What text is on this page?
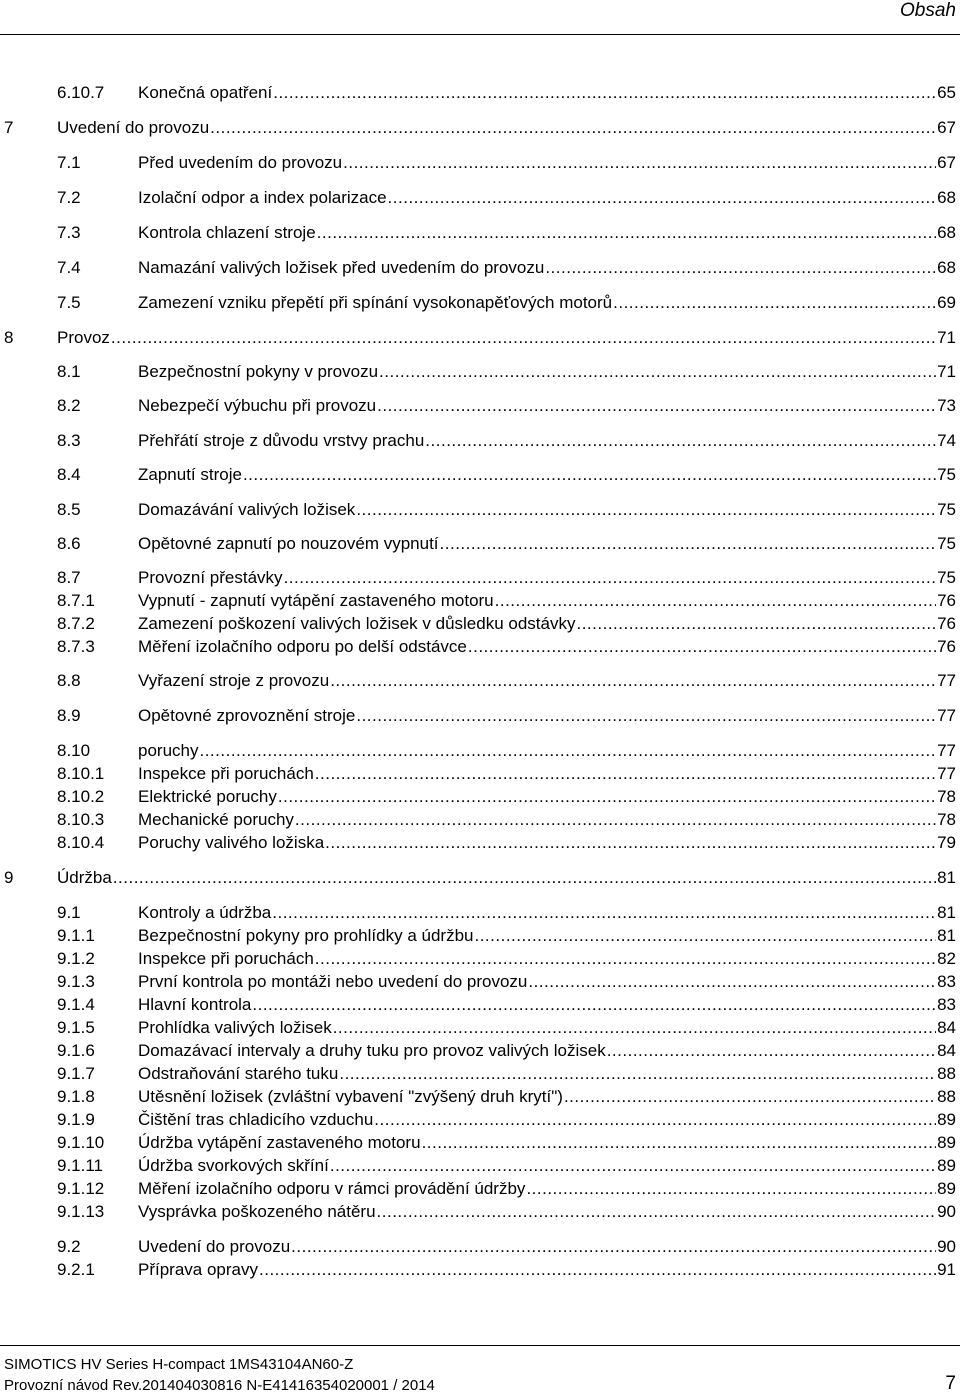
Obsah
6.10.7 Konečná opatření .....	65
7	Uvedení do provozu .....	67
7.1	Před uvedením do provozu .....	67
7.2	Izolační odpor a index polarizace .....	68
7.3	Kontrola chlazení stroje .....	68
7.4	Namazání valivých ložisek před uvedením do provozu .....	68
7.5	Zamezení vzniku přepětí při spínání vysokonapěťových motorů .....	69
8	Provoz .....	71
8.1	Bezpečnostní pokyny v provozu .....	71
8.2	Nebezpečí výbuchu při provozu .....	73
8.3	Přehřátí stroje z důvodu vrstvy prachu .....	74
8.4	Zapnutí stroje .....	75
8.5	Domazávání valivých ložisek .....	75
8.6	Opětovné zapnutí po nouzovém vypnutí .....	75
8.7	Provozní přestávky .....	75
8.7.1	Vypnutí - zapnutí vytápění zastaveného motoru .....	76
8.7.2	Zamezení poškození valivých ložisek v důsledku odstávky .....	76
8.7.3	Měření izolačního odporu po delší odstávce .....	76
8.8	Vyřazení stroje z provozu .....	77
8.9	Opětovné zprovoznění stroje .....	77
8.10	poruchy .....	77
8.10.1 Inspekce při poruchách .....	77
8.10.2 Elektrické poruchy .....	78
8.10.3 Mechanické poruchy .....	78
8.10.4 Poruchy valivého ložiska .....	79
9	Údržba .....	81
9.1	Kontroly a údržba .....	81
9.1.1	Bezpečnostní pokyny pro prohlídky a údržbu .....	81
9.1.2	Inspekce při poruchách .....	82
9.1.3	První kontrola po montáži nebo uvedení do provozu .....	83
9.1.4	Hlavní kontrola .....	83
9.1.5	Prohlídka valivých ložisek .....	84
9.1.6	Domazávací intervaly a druhy tuku pro provoz valivých ložisek .....	84
9.1.7	Odstraňování starého tuku .....	88
9.1.8	Utěsnění ložisek (zvláštní vybavení "zvýšený druh krytí") .....	88
9.1.9	Čištění tras chladicího vzduchu .....	89
9.1.10 Údržba vytápění zastaveného motoru .....	89
9.1.11 Údržba svorkových skříní .....	89
9.1.12 Měření izolačního odporu v rámci provádění údržby .....	89
9.1.13 Vysprávka poškozeného nátěru .....	90
9.2	Uvedení do provozu .....	90
9.2.1	Příprava opravy .....	91
SIMOTICS HV Series H-compact 1MS43104AN60-Z
Provozní návod Rev.201404030816 N-E41416354020001 / 2014	7
